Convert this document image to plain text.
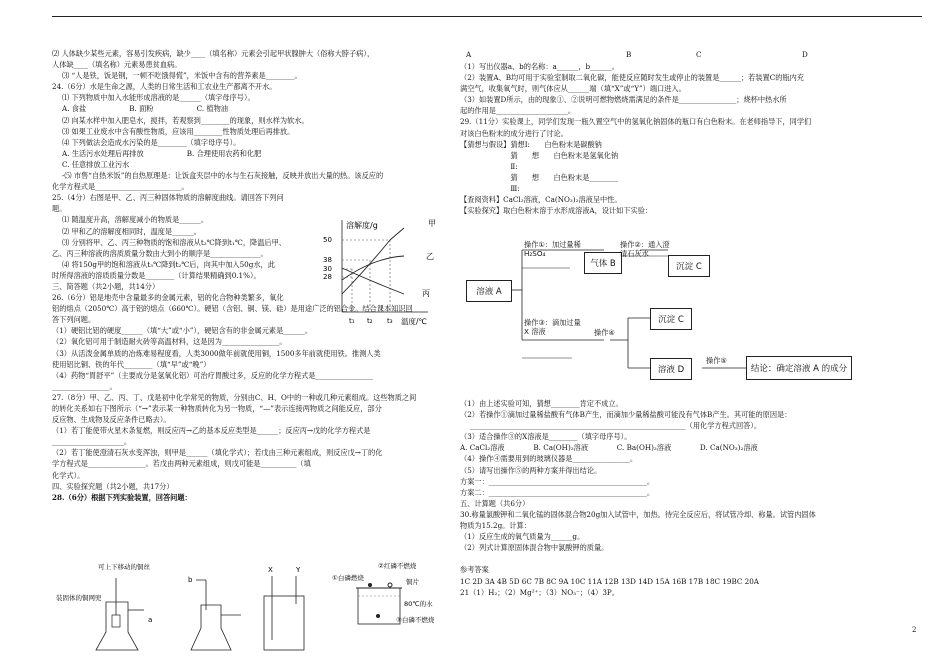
⑵ 人体缺少某些元素，容易引发疾病，缺少____（填名称）元素会引起甲状腺肿大（俗称大脖子病），

人体缺____（填名称）元素易患贫血病。

⑶ “人是铁，饭是钢，一顿不吃饿得慌”，米饭中含有的营养素是________。

24.（6分）水是生命之源，人类的日常生活和工农业生产都离不开水。

⑴ 下列物质中加入水能形成溶液的是______（填字母序号）。

A. 食盐　　　　　　B. 面粉　　　　　　C. 植物油

⑵ 向某水样中加入肥皂水，搅拌，若观察到________的现象，则水样为软水。

⑶ 如果工业废水中含有酸性物质，应该用________性物质处理后再排放。

⑷ 下列做法会造成水污染的是________（填字母序号）。

A. 生活污水处理后再排放　　　　　　B. 合理使用农药和化肥

C. 任意排放工业污水

-⑸ 市售“自热米饭”的自热原理是：让饭盒夹层中的水与生石灰接触，反映并放出大量的热。该反应的

化学方程式是________________________。

25.（4分）右图是甲、乙、丙三种固体物质的溶解度曲线。请回答下列问

题。

⑴ 随温度升高，溶解度减小的物质是______。

⑵ 甲和乙的溶解度相同时，温度是______。

⑶ 分别将甲、乙、丙三种物质的饱和溶液从t₂℃降到t₁℃，降温后甲、

乙、丙三种溶液的溶质质量分数由大到小的顺序是______________。

⑷ 将150g甲的饱和溶液从t₃℃降到t₂℃后，向其中加入50g水，此

时所得溶液的溶质质量分数是________（计算结果精确到0.1%）。

三、简答题（共2小题，共14分）

26.（6分）铝是地壳中含量最多的金属元素，铝的化合物种类繁多，氧化

铝的熔点（2050℃）高于铝的熔点（660℃）。硬铝（含铝、铜、镁、硅）是用途广泛的铝合金。结合课本知识回

答下列问题。

（1）硬铝比铝的硬度______（填“大”或“小”），硬铝含有的非金属元素是______。

（2）氧化铝可用于制造耐火砖等高温材料，这是因为________________。

（3）从活泼金属单质的冶炼难易程度看，人类3000做年前就使用铜，1500多年前就使用铁。推测人类

使用铝比铜、铁的年代________（填“早”或“晚”）

（4）药物“胃舒平”（主要成分是氢氧化铝）可治疗胃酸过多，反应的化学方程式是________________

________________。

27.（8分）甲、乙、丙、丁、戊是初中化学常见的物质，分别由C、H、O中的一种或几种元素组成。这些物质之间

的转化关系如右下图所示（“→”表示某一种物质转化为另一物质，“—”表示连接两物质之间能反应，部分

反应物、生成物及反应条件已略去）。

（1）若丁能使带火星木条复燃，则反应丙→乙的基本反应类型是______；反应丙→戊的化学方程式是

____________________。

（2）若丁能使澄清石灰水变浑浊，则甲是______（填化学式）；若戊由三种元素组成，则反应戊→丁的化

学方程式是________________。若戊由两种元素组成，则戊可能是__________（填

化学式）。

四、实验探究题（共2小题，共17分）

28.（6分）根据下列实验装置，回答问题：

溶解度/g
温度/℃
50
38
30
28
甲
乙
丙
t₁ t₂ t₃
可上下移动的铜丝
装固体的铜网兜
a
b
X	Y	②红磷不燃烧
①白磷燃烧	铜片
80℃的水
③白磷不燃烧
A	B	C	D

（1）写出仪器a、b的名称：a______，b______。

（2）装置A、B均可用于实验室制取二氧化碳，能使反应随时发生或停止的装置是______；若装置C的瓶内充

满空气，收集氧气时，则气体应从______端（填“X”或“Y”）端口进入。

（3）如装置D所示，由的现象①、②说明可燃物燃烧需满足的条件是________________；烧杯中热水所

起的作用是____________________。

29.（11分）实验课上，同学们发现一瓶久置空气中的氢氧化钠固体的瓶口有白色粉末。在老师指导下，同学们

对该白色粉末的成分进行了讨论。

【猜想与假设】猜想Ⅰ:　　白色粉末是碳酸钠

　　　　　　　猜　　想　　白色粉末是氢氧化钠

　　　　　　　Ⅱ:

　　　　　　　猜　　想　　白色粉末是________

　　　　　　　Ⅲ:

【查阅资料】CaCl₂溶液，Ca(NO₃)₂溶液呈中性。

【实验探究】取白色粉末溶于水形成溶液A，设计如下实验：

溶液 A
操作①：加过量稀 H₂SO₄
气体 B
操作②：通入澄清石灰水
沉淀 C
操作③：滴加过量 X 溶液	操作④
沉淀 C
溶液 D
操作⑤
结论：确定溶液 A 的成分

（1）由上述实验可知，猜想________肯定不成立。

（2）若操作①滴加过量稀盐酸有气体B产生，而滴加少量稀盐酸可能没有气体B产生。其可能的原因是：

____________________________________________________________（用化学方程式回答）。

（3）适合操作③的X溶液是________（填字母序号）。

A. CaCl₂溶液　　　　B. Ca(OH)₂溶液　　　　C. Ba(OH)₂溶液　　　　D. Ca(NO₃)₂溶液

（4）操作④需要用到的玻璃仪器是________________。

（5）请写出操作⑤的两种方案并得出结论。

方案一：____________________________________________。

方案二：____________________________________________。

五、计算题（共6分）

30.称量氯酸钾和二氧化锰的固体混合物20g加入试管中，加热。待完全反应后，将试管冷却、称量。试管内固体

物质为15.2g。计算：

（1）反应生成的氧气质量为______g。

（2）列式计算原固体混合物中氯酸钾的质量。

参考答案

1C 2D 3A 4B 5D 6C 7B 8C 9A 10C 11A 12B 13D 14D 15A 16B 17B 18C 19BC 20A

21（1）H₂；（2）Mg²⁺；（3）NO₃⁻；（4）3P。

2
